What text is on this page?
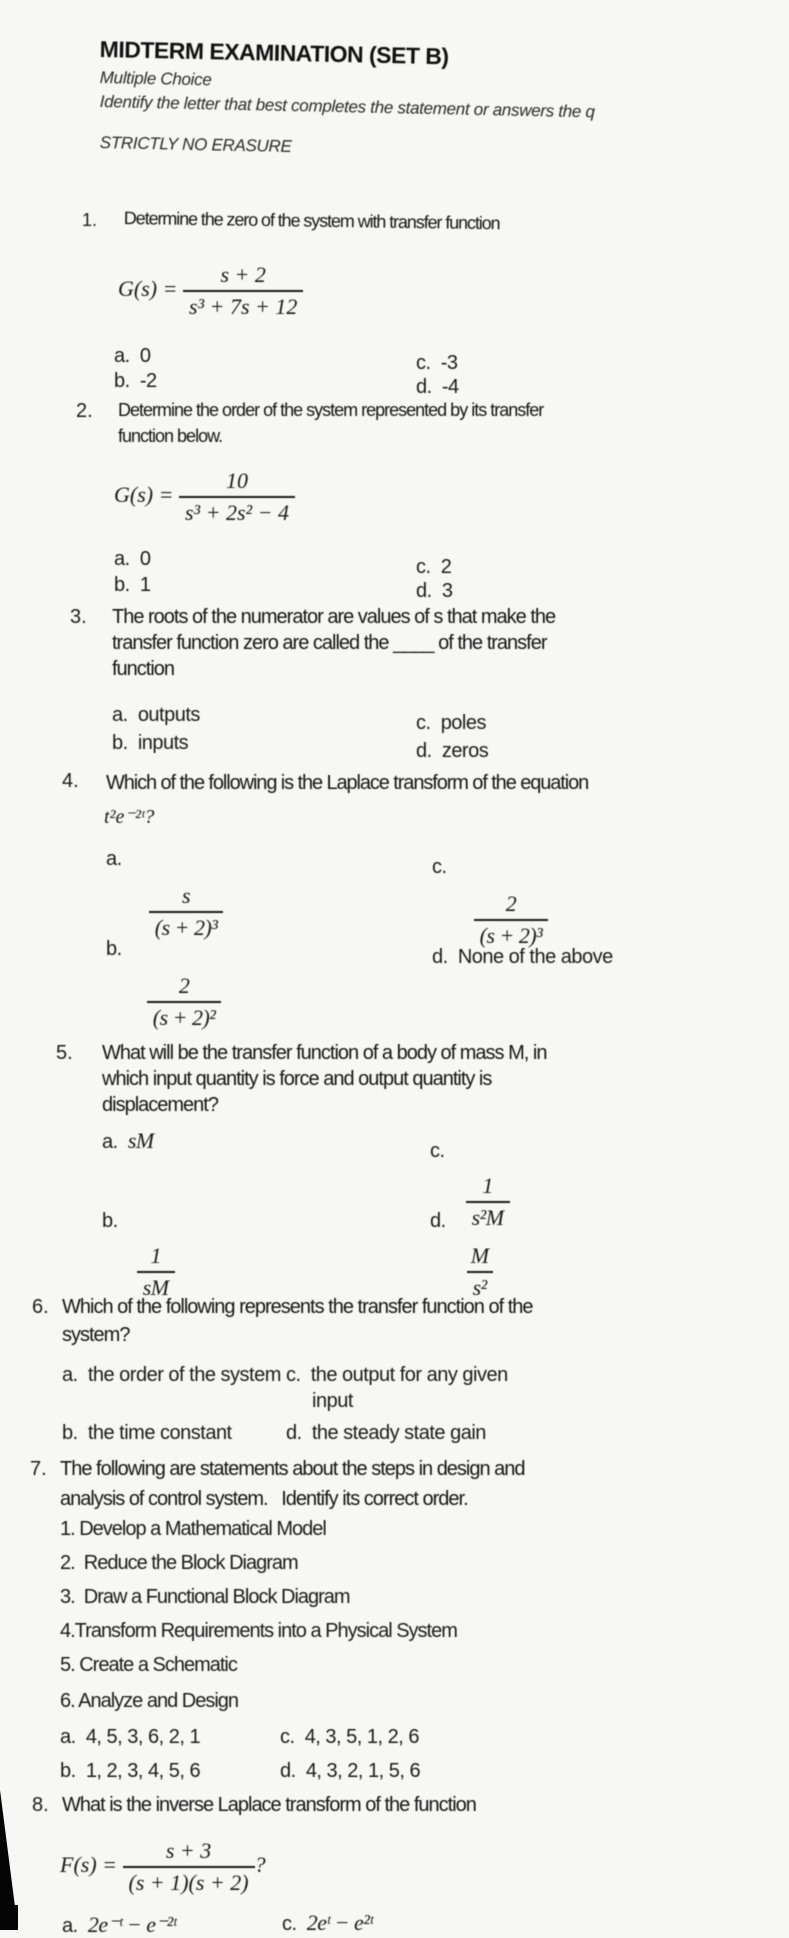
MIDTERM EXAMINATION (SET B)
Multiple Choice
Identify the letter that best completes the statement or answers the q
STRICTLY NO ERASURE
1. Determine the zero of the system with transfer function
$G(s) = \frac{s + 2}{\text{s³ + 7s + 12}}$
a. 0
b. -2
c. -3
d. -4
2. Determine the order of the system represented by its transfer
function below.
$G(s) = \frac{10}{\text{s³ + 2s² − 4}}$
a. 0
b. 1
c. 2
d. 3
3. The roots of the numerator are values of s that make the
transfer function zero are called the ____ of the transfer
function
a. outputs
b. inputs
c. poles
d. zeros
4. Which of the following is the Laplace transform of the equation
t²e⁻²ᵗ?
a.
$\frac{s}{\text{(s + 2)³}}$
b.
$\frac{2}{\text{(s + 2)²}}$
c.
$\frac{2}{\text{(s + 2)³}}$
d. None of the above
5. What will be the transfer function of a body of mass M, in
which input quantity is force and output quantity is
displacement?
a. sM
b.
$\frac{1}{sM}$
c.
$\frac{1}{\text{s²M}}$
d.
$\frac{M}{\text{s²}}$
6. Which of the following represents the transfer function of the
system?
a. the order of the system
b. the time constant
c. the output for any given
input
d. the steady state gain
7. The following are statements about the steps in design and
analysis of control system.   Identify its correct order.
1. Develop a Mathematical Model
2.  Reduce the Block Diagram
3.  Draw a Functional Block Diagram
4.Transform Requirements into a Physical System
5. Create a Schematic
6. Analyze and Design
a. 4, 5, 3, 6, 2, 1
b. 1, 2, 3, 4, 5, 6
c. 4, 3, 5, 1, 2, 6
d. 4, 3, 2, 1, 5, 6
8. What is the inverse Laplace transform of the function
$F(s) = \frac{s + 3}{(s + 1)(s + 2)}$ ?
a. 2e⁻ᵗ − e⁻²ᵗ	c. 2eᵗ − e²ᵗ
